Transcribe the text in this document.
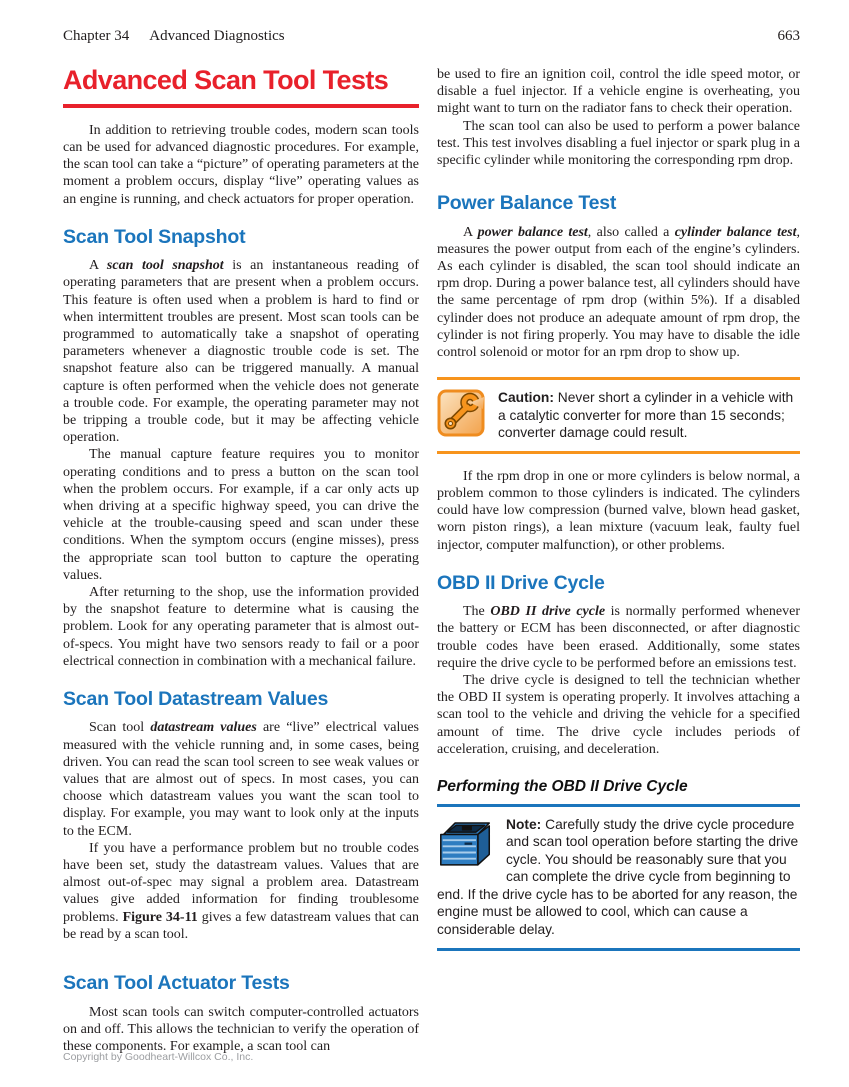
Chapter 34 Advanced Diagnostics	663
Advanced Scan Tool Tests

In addition to retrieving trouble codes, modern scan tools can be used for advanced diagnostic procedures. For example, the scan tool can take a “picture” of operating parameters at the moment a problem occurs, display “live” operating values as an engine is running, and check actuators for proper operation.

Scan Tool Snapshot

A scan tool snapshot is an instantaneous reading of operating parameters that are present when a problem occurs. This feature is often used when a problem is hard to find or when intermittent troubles are present. Most scan tools can be programmed to automatically take a snapshot of operating parameters whenever a diagnostic trouble code is set. The snapshot feature also can be triggered manually. A manual capture is often performed when the vehicle does not generate a trouble code. For example, the operating parameter may not be tripping a trouble code, but it may be affecting vehicle operation.

The manual capture feature requires you to monitor operating conditions and to press a button on the scan tool when the problem occurs. For example, if a car only acts up when driving at a specific highway speed, you can drive the vehicle at the trouble-causing speed and scan under these conditions. When the symptom occurs (engine misses), press the appropriate scan tool button to capture the operating values.

After returning to the shop, use the information provided by the snapshot feature to determine what is causing the problem. Look for any operating parameter that is almost out-of-specs. You might have two sensors ready to fail or a poor electrical connection in combination with a mechanical failure.

Scan Tool Datastream Values

Scan tool datastream values are “live” electrical values measured with the vehicle running and, in some cases, being driven. You can read the scan tool screen to see weak values or values that are almost out of specs. In most cases, you can choose which datastream values you want the scan tool to display. For example, you may want to look only at the inputs to the ECM.

If you have a performance problem but no trouble codes have been set, study the datastream values. Values that are almost out-of-spec may signal a problem area. Datastream values give added information for finding troublesome problems. Figure 34-11 gives a few datastream values that can be read by a scan tool.

Scan Tool Actuator Tests

Most scan tools can switch computer-controlled actuators on and off. This allows the technician to verify the operation of these components. For example, a scan tool can

be used to fire an ignition coil, control the idle speed motor, or disable a fuel injector. If a vehicle engine is overheating, you might want to turn on the radiator fans to check their operation.

The scan tool can also be used to perform a power balance test. This test involves disabling a fuel injector or spark plug in a specific cylinder while monitoring the corresponding rpm drop.

Power Balance Test

A power balance test, also called a cylinder balance test, measures the power output from each of the engine’s cylinders. As each cylinder is disabled, the scan tool should indicate an rpm drop. During a power balance test, all cylinders should have the same percentage of rpm drop (within 5%). If a disabled cylinder does not produce an adequate amount of rpm drop, the cylinder is not firing properly. You may have to disable the idle control solenoid or motor for an rpm drop to show up.

Caution: Never short a cylinder in a vehicle with a catalytic converter for more than 15 seconds; converter damage could result.

If the rpm drop in one or more cylinders is below normal, a problem common to those cylinders is indicated. The cylinders could have low compression (burned valve, blown head gasket, worn piston rings), a lean mixture (vacuum leak, faulty fuel injector, computer malfunction), or other problems.

OBD II Drive Cycle

The OBD II drive cycle is normally performed whenever the battery or ECM has been disconnected, or after diagnostic trouble codes have been erased. Additionally, some states require the drive cycle to be performed before an emissions test.

The drive cycle is designed to tell the technician whether the OBD II system is operating properly. It involves attaching a scan tool to the vehicle and driving the vehicle for a specified amount of time. The drive cycle includes periods of acceleration, cruising, and deceleration.

Performing the OBD II Drive Cycle
Note: Carefully study the drive cycle procedure and scan tool operation before starting the drive cycle. You should be reasonably sure that you can complete the drive cycle from beginning to end. If the drive cycle has to be aborted for any reason, the engine must be allowed to cool, which can cause a considerable delay.
Copyright by Goodheart-Willcox Co., Inc.
